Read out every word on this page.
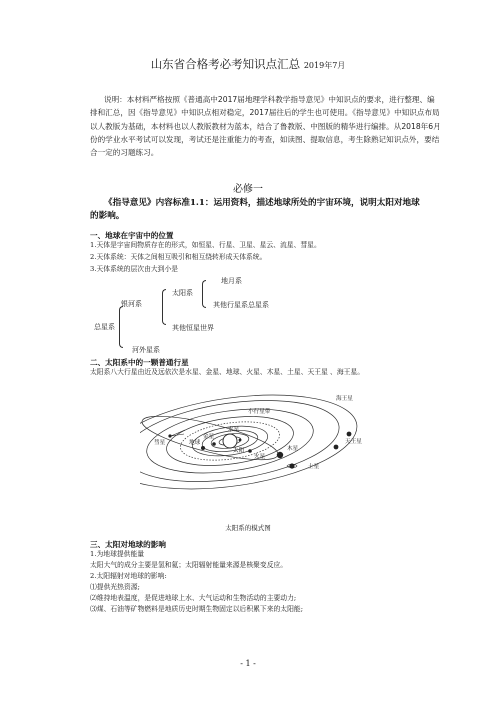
山东省合格考必考知识点汇总 2019年7月
说明：本材料严格按照《普通高中2017届地理学科教学指导意见》中知识点的要求，进行整理、编排和汇总，因《指导意见》中知识点相对稳定，2017届往后的学生也可使用。《指导意见》中知识点布局以人教版为基础，本材料也以人教版教材为蓝本，结合了鲁教版、中图版的精华进行编排。从2018年6月份的学业水平考试可以发现，考试还是注重能力的考查，如读图、提取信息，考生除熟记知识点外，要结合一定的习题练习。
必修一
《指导意见》内容标准1.1：运用资料，描述地球所处的宇宙环境，说明太阳对地球的影响。
一、地球在宇宙中的位置
1.天体是宇宙间物质存在的形式，如恒星、行星、卫星、星云、流星、彗星。
2.天体系统：天体之间相互吸引和相互绕转形成天体系统。
3.天体系统的层次由大到小是
地月系
太阳系
其他行星系总星系
银河系
其他恒星世界
总星系
河外星系
二、太阳系中的一颗普通行星
太阳系八大行星由近及远依次是水星、金星、地球、火星、木星、土星、天王星 、海王星。
海王星
天王星
土星
木星
火星
地球
金星
水星
太阳
彗星
小行星带
太阳系的模式图
三、太阳对地球的影响
1.为地球提供能量
太阳大气的成分主要是氢和氦；太阳辐射能量来源是核聚变反应。
2.太阳辐射对地球的影响:
⑴提供光热资源;
⑵维持地表温度，是促进地球上水、大气运动和生物活动的主要动力;
⑶煤、石油等矿物燃料是地质历史时期生物固定以后积累下来的太阳能;
- 1 -
